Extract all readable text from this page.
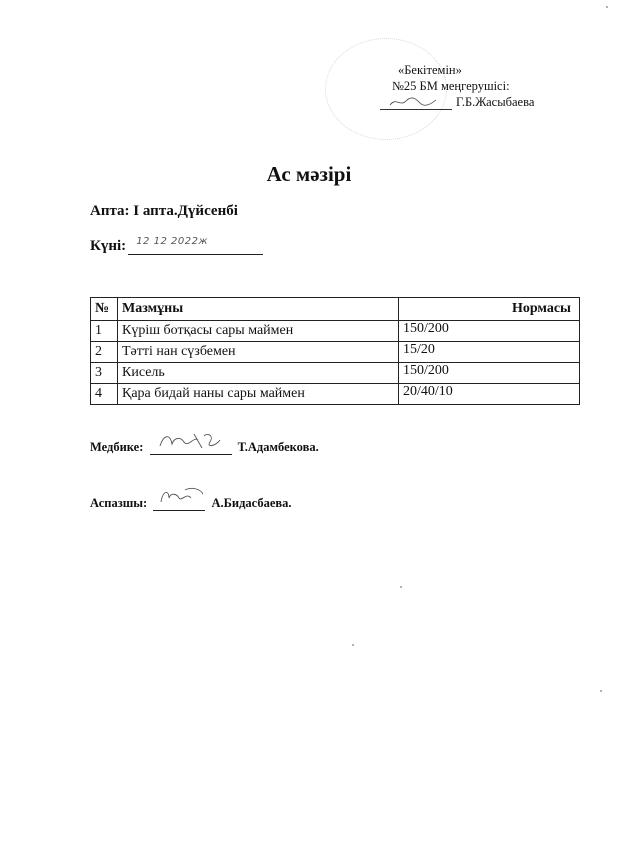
«Бекітемін»
№25 БМ меңгерушісі:
Г.Б.Жасыбаева
Ас мәзірі
Апта: I апта.Дүйсенбі
Күні: 12 12 2022ж
№	Мазмұны	Нормасы
1	Күріш ботқасы сары маймен	150/200
2	Тәтті нан сүзбемен	15/20
3	Кисель	150/200
4	Қара бидай наны сары маймен	20/40/10
Медбике:	Т.Адамбекова.
Аспазшы:	А.Бидасбаева.
